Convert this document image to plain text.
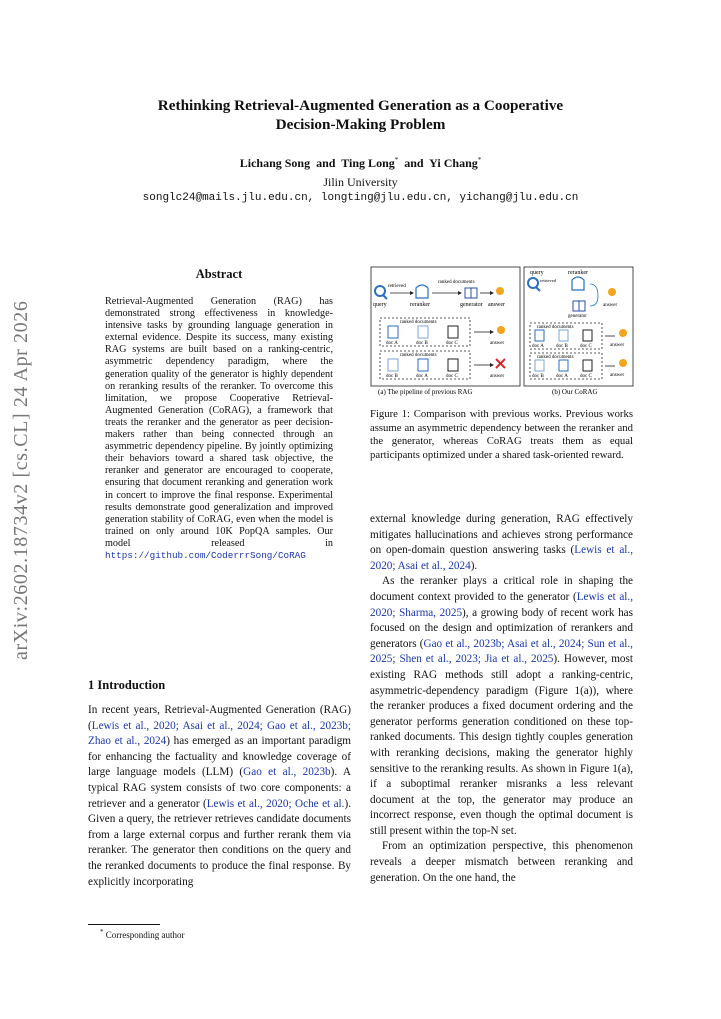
arXiv:2602.18734v2 [cs.CL] 24 Apr 2026
Rethinking Retrieval-Augmented Generation as a Cooperative
Decision-Making Problem
Lichang Song and Ting Long* and Yi Chang*
Jilin University
songlc24@mails.jlu.edu.cn, longting@jlu.edu.cn, yichang@jlu.edu.cn
Abstract
Retrieval-Augmented Generation (RAG) has demonstrated strong effectiveness in knowledge-intensive tasks by grounding language generation in external evidence. Despite its success, many existing RAG systems are built based on a ranking-centric, asymmetric dependency paradigm, where the generation quality of the generator is highly dependent on reranking results of the reranker. To overcome this limitation, we propose Cooperative Retrieval-Augmented Generation (CoRAG), a framework that treats the reranker and the generator as peer decision-makers rather than being connected through an asymmetric dependency pipeline. By jointly optimizing their behaviors toward a shared task objective, the reranker and generator are encouraged to cooperate, ensuring that document reranking and generation work in concert to improve the final response. Experimental results demonstrate good generalization and improved generation stability of CoRAG, even when the model is trained on only around 10K PopQA samples. Our model released in https://github.com/CoderrrSong/CoRAG
1 Introduction

In recent years, Retrieval-Augmented Generation (RAG) (Lewis et al., 2020; Asai et al., 2024; Gao et al., 2023b; Zhao et al., 2024) has emerged as an important paradigm for enhancing the factuality and knowledge coverage of large language models (LLM) (Gao et al., 2023b). A typical RAG system consists of two core components: a retriever and a generator (Lewis et al., 2020; Oche et al.). Given a query, the retriever retrieves candidate documents from a large external corpus and further rerank them via reranker. The generator then conditions on the query and the reranked documents to produce the final response. By explicitly incorporating

* Corresponding author
query
retrieved
reranker
ranked documents
generator answer
ranked documents
doc A	doc B	doc C	answer
ranked documents
doc B	doc A	doc C	answer
(a) The pipeline of previous RAG
query	reranker
retrieved
generator
answer
ranked documents
doc A doc B doc C	answer
ranked documents
doc B doc A doc C	answer
(b) Our CoRAG
Figure 1: Comparison with previous works. Previous works assume an asymmetric dependency between the reranker and the generator, whereas CoRAG treats them as equal participants optimized under a shared task-oriented reward.

external knowledge during generation, RAG effectively mitigates hallucinations and achieves strong performance on open-domain question answering tasks (Lewis et al., 2020; Asai et al., 2024).

As the reranker plays a critical role in shaping the document context provided to the generator (Lewis et al., 2020; Sharma, 2025), a growing body of recent work has focused on the design and optimization of rerankers and generators (Gao et al., 2023b; Asai et al., 2024; Sun et al., 2025; Shen et al., 2023; Jia et al., 2025). However, most existing RAG methods still adopt a ranking-centric, asymmetric-dependency paradigm (Figure 1(a)), where the reranker produces a fixed document ordering and the generator performs generation conditioned on these top-ranked documents. This design tightly couples generation with reranking decisions, making the generator highly sensitive to the reranking results. As shown in Figure 1(a), if a suboptimal reranker misranks a less relevant document at the top, the generator may produce an incorrect response, even though the optimal document is still present within the top-N set.

From an optimization perspective, this phenomenon reveals a deeper mismatch between reranking and generation. On the one hand, the
